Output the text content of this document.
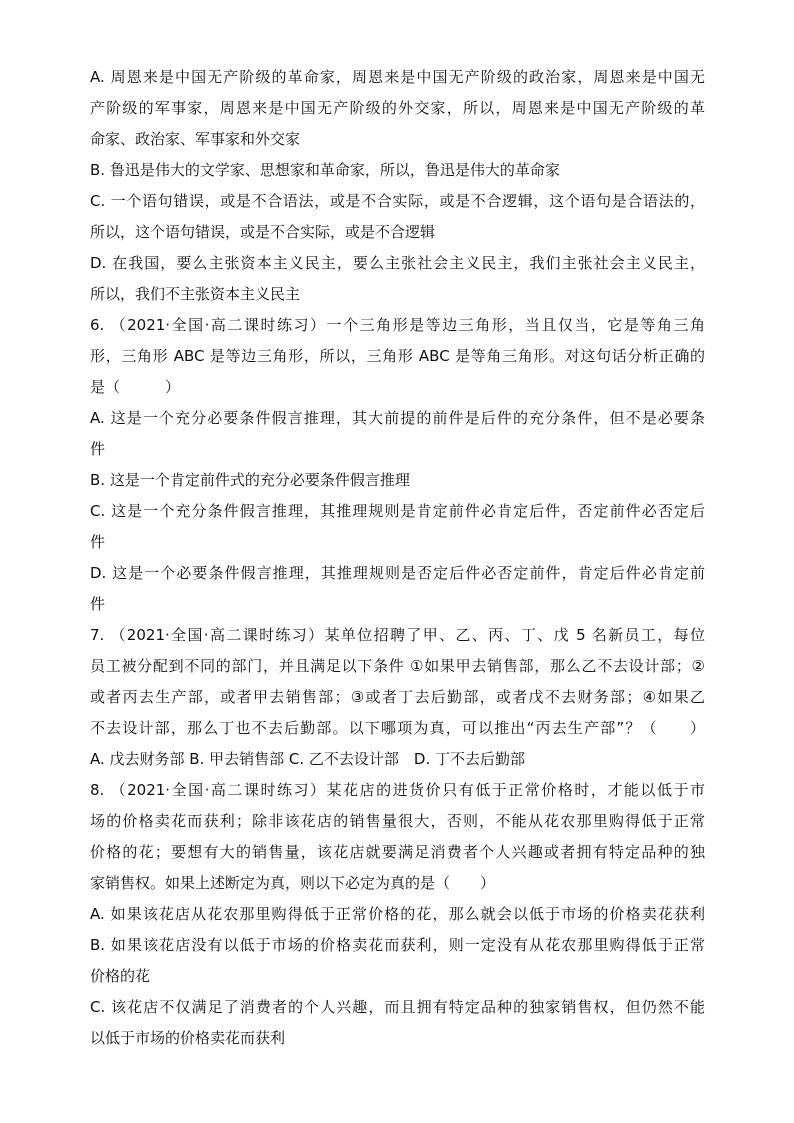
A. 周恩来是中国无产阶级的革命家，周恩来是中国无产阶级的政治家，周恩来是中国无
产阶级的军事家，周恩来是中国无产阶级的外交家，所以，周恩来是中国无产阶级的革
命家、政治家、军事家和外交家
B. 鲁迅是伟大的文学家、思想家和革命家，所以，鲁迅是伟大的革命家
C. 一个语句错误，或是不合语法，或是不合实际，或是不合逻辑，这个语句是合语法的，
所以，这个语句错误，或是不合实际，或是不合逻辑
D. 在我国，要么主张资本主义民主，要么主张社会主义民主，我们主张社会主义民主，
所以，我们不主张资本主义民主
6. （2021·全国·高二课时练习）一个三角形是等边三角形，当且仅当，它是等角三角
形，三角形 ABC 是等边三角形，所以，三角形 ABC 是等角三角形。对这句话分析正确的
是（　　　）
A. 这是一个充分必要条件假言推理，其大前提的前件是后件的充分条件，但不是必要条
件
B. 这是一个肯定前件式的充分必要条件假言推理
C. 这是一个充分条件假言推理，其推理规则是肯定前件必肯定后件，否定前件必否定后
件
D. 这是一个必要条件假言推理，其推理规则是否定后件必否定前件，肯定后件必肯定前
件
7. （2021·全国·高二课时练习）某单位招聘了甲、乙、丙、丁、戊 5 名新员工，每位
员工被分配到不同的部门，并且满足以下条件 ①如果甲去销售部，那么乙不去设计部；②
或者丙去生产部，或者甲去销售部；③或者丁去后勤部，或者戊不去财务部；④如果乙
不去设计部，那么丁也不去后勤部。以下哪项为真，可以推出“丙去生产部”？（　　）
A. 戊去财务部 B. 甲去销售部 C. 乙不去设计部　D. 丁不去后勤部
8. （2021·全国·高二课时练习）某花店的进货价只有低于正常价格时，才能以低于市
场的价格卖花而获利；除非该花店的销售量很大，否则，不能从花农那里购得低于正常
价格的花；要想有大的销售量，该花店就要满足消费者个人兴趣或者拥有特定品种的独
家销售权。如果上述断定为真，则以下必定为真的是（　　）
A. 如果该花店从花农那里购得低于正常价格的花，那么就会以低于市场的价格卖花获利
B. 如果该花店没有以低于市场的价格卖花而获利，则一定没有从花农那里购得低于正常
价格的花
C. 该花店不仅满足了消费者的个人兴趣，而且拥有特定品种的独家销售权，但仍然不能
以低于市场的价格卖花而获利
